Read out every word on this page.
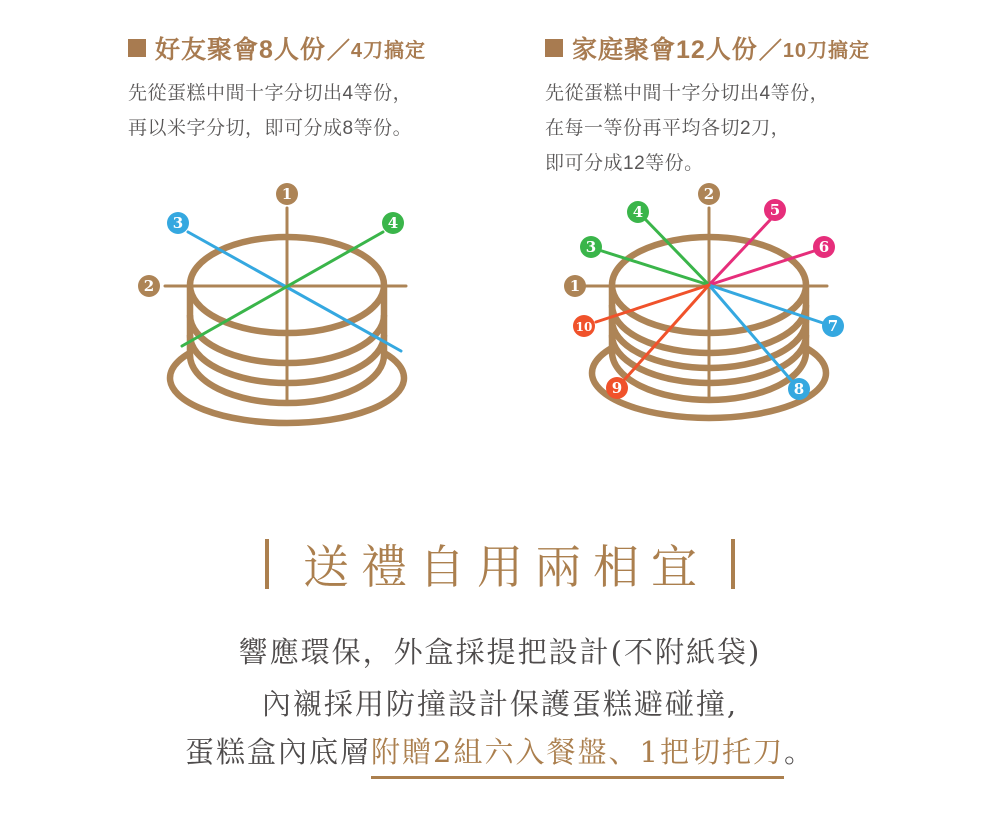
好友聚會8人份 ／ 4刀搞定

先從蛋糕中間十字分切出4等份，

再以米字分切，即可分成8等份。

家庭聚會12人份 ／ 10刀搞定

先從蛋糕中間十字分切出4等份，

在每一等份再平均各切2刀，

即可分成12等份。

1
2
3	4
1
2
3
4	5
6
7
8
9
10
送禮自用兩相宜

響應環保，外盒採提把設計(不附紙袋)

內襯採用防撞設計保護蛋糕避碰撞,

蛋糕盒內底層附贈2組六入餐盤、1把切托刀。
